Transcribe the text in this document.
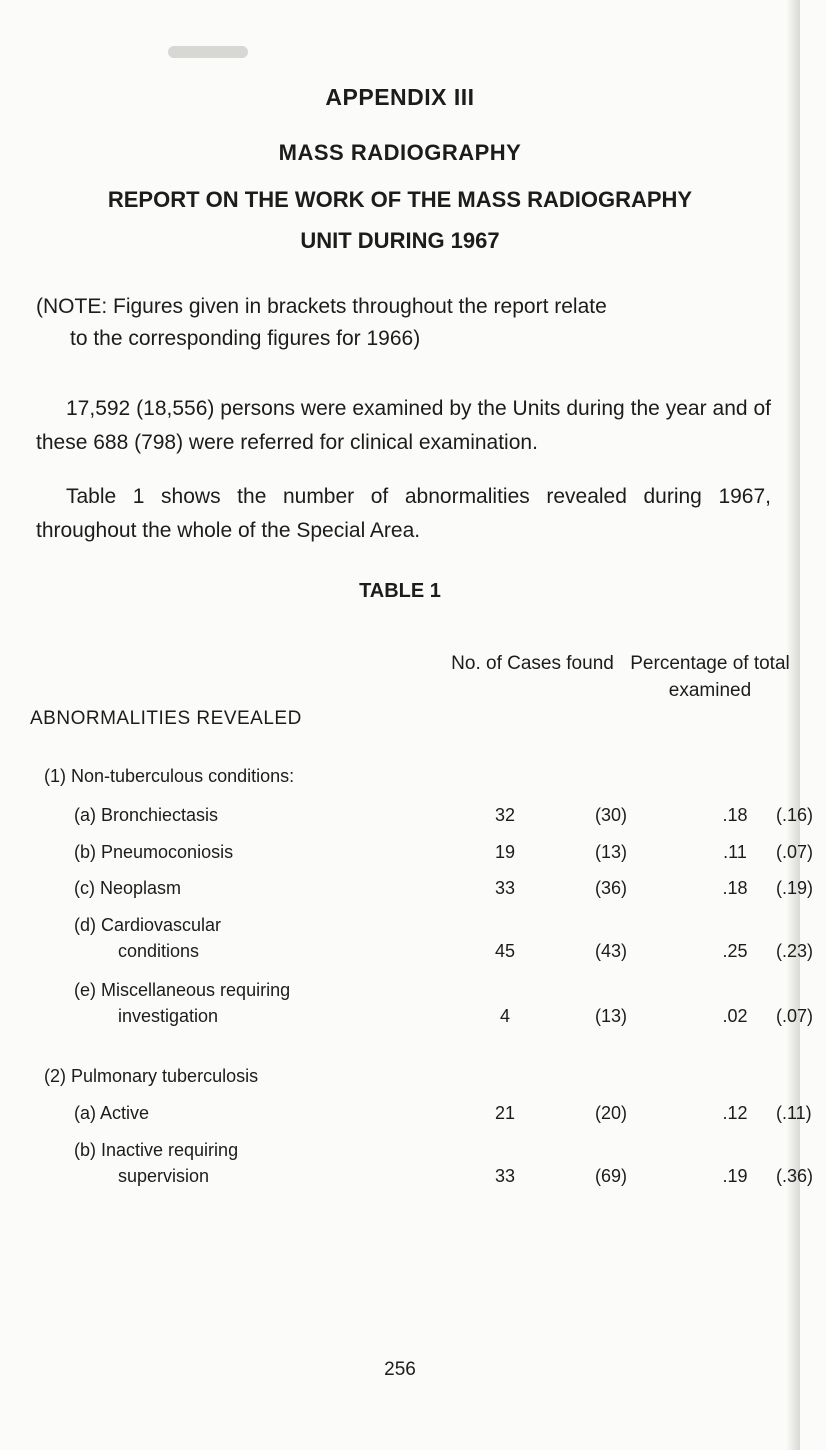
APPENDIX III
MASS RADIOGRAPHY
REPORT ON THE WORK OF THE MASS RADIOGRAPHY
UNIT DURING 1967
(NOTE: Figures given in brackets throughout the report relate
to the corresponding figures for 1966)
17,592 (18,556) persons were examined by the Units during the year and of these 688 (798) were referred for clinical examination.
Table 1 shows the number of abnormalities revealed during 1967, throughout the whole of the Special Area.
TABLE 1
No. of Cases found Percentage of total examined
ABNORMALITIES REVEALED
(1) Non-tuberculous conditions:
(a) Bronchiectasis	32	(30)	.18	(.16)
(b) Pneumoconiosis	19	(13)	.11	(.07)
(c) Neoplasm	33	(36)	.18	(.19)
(d) Cardiovascular
conditions	45	(43)	.25	(.23)
(e) Miscellaneous requiring
investigation	4	(13)	.02	(.07)
(2) Pulmonary tuberculosis
(a) Active	21	(20)	.12	(.11)
(b) Inactive requiring
supervision	33	(69)	.19	(.36)
256
